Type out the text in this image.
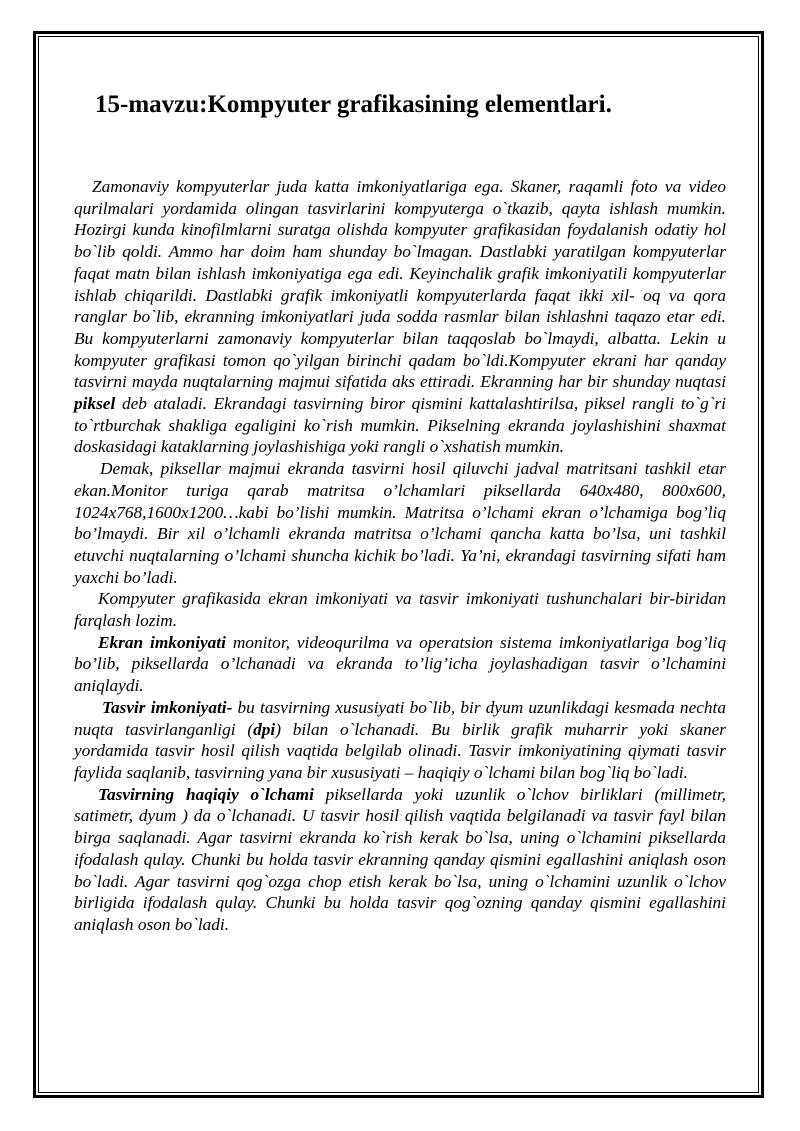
15-mavzu:Kompyuter grafikasining elementlari.

Zamonaviy kompyuterlar juda katta imkoniyatlariga ega. Skaner, raqamli foto va video qurilmalari yordamida olingan tasvirlarini kompyuterga o`tkazib, qayta ishlash mumkin. Hozirgi kunda kinofilmlarni suratga olishda kompyuter grafikasidan foydalanish odatiy hol bo`lib qoldi. Ammo har doim ham shunday bo`lmagan. Dastlabki yaratilgan kompyuterlar faqat matn bilan ishlash imkoniyatiga ega edi. Keyinchalik grafik imkoniyatili kompyuterlar ishlab chiqarildi. Dastlabki grafik imkoniyatli kompyuterlarda faqat ikki xil- oq va qora ranglar bo`lib, ekranning imkoniyatlari juda sodda rasmlar bilan ishlashni taqazo etar edi. Bu kompyuterlarni zamonaviy kompyuterlar bilan taqqoslab bo`lmaydi, albatta. Lekin u kompyuter grafikasi tomon qo`yilgan birinchi qadam bo`ldi.Kompyuter ekrani har qanday tasvirni mayda nuqtalarning majmui sifatida aks ettiradi. Ekranning har bir shunday nuqtasi piksel deb ataladi. Ekrandagi tasvirning biror qismini kattalashtirilsa, piksel rangli to`g`ri to`rtburchak shakliga egaligini ko`rish mumkin. Pikselning ekranda joylashishini shaxmat doskasidagi kataklarning joylashishiga yoki rangli o`xshatish mumkin.

Demak, piksellar majmui ekranda tasvirni hosil qiluvchi jadval matritsani tashkil etar ekan.Monitor turiga qarab matritsa o’lchamlari piksellarda 640x480, 800x600, 1024x768,1600x1200…kabi bo’lishi mumkin. Matritsa o’lchami ekran o’lchamiga bog’liq bo’lmaydi. Bir xil o’lchamli ekranda matritsa o’lchami qancha katta bo’lsa, uni tashkil etuvchi nuqtalarning o’lchami shuncha kichik bo’ladi. Ya’ni, ekrandagi tasvirning sifati ham yaxchi bo’ladi.

Kompyuter grafikasida ekran imkoniyati va tasvir imkoniyati tushunchalari bir-biridan farqlash lozim.

Ekran imkoniyati monitor, videoqurilma va operatsion sistema imkoniyatlariga bog’liq bo’lib, piksellarda o’lchanadi va ekranda to’lig’icha joylashadigan tasvir o’lchamini aniqlaydi.

Tasvir imkoniyati- bu tasvirning xususiyati bo`lib, bir dyum uzunlikdagi kesmada nechta nuqta tasvirlanganligi (dpi) bilan o`lchanadi. Bu birlik grafik muharrir yoki skaner yordamida tasvir hosil qilish vaqtida belgilab olinadi. Tasvir imkoniyatining qiymati tasvir faylida saqlanib, tasvirning yana bir xususiyati – haqiqiy o`lchami bilan bog`liq bo`ladi.

Tasvirning haqiqiy o`lchami piksellarda yoki uzunlik o`lchov birliklari (millimetr, satimetr, dyum ) da o`lchanadi. U tasvir hosil qilish vaqtida belgilanadi va tasvir fayl bilan birga saqlanadi. Agar tasvirni ekranda ko`rish kerak bo`lsa, uning o`lchamini piksellarda ifodalash qulay. Chunki bu holda tasvir ekranning qanday qismini egallashini aniqlash oson bo`ladi. Agar tasvirni qog`ozga chop etish kerak bo`lsa, uning o`lchamini uzunlik o`lchov birligida ifodalash qulay. Chunki bu holda tasvir qog`ozning qanday qismini egallashini aniqlash oson bo`ladi.
